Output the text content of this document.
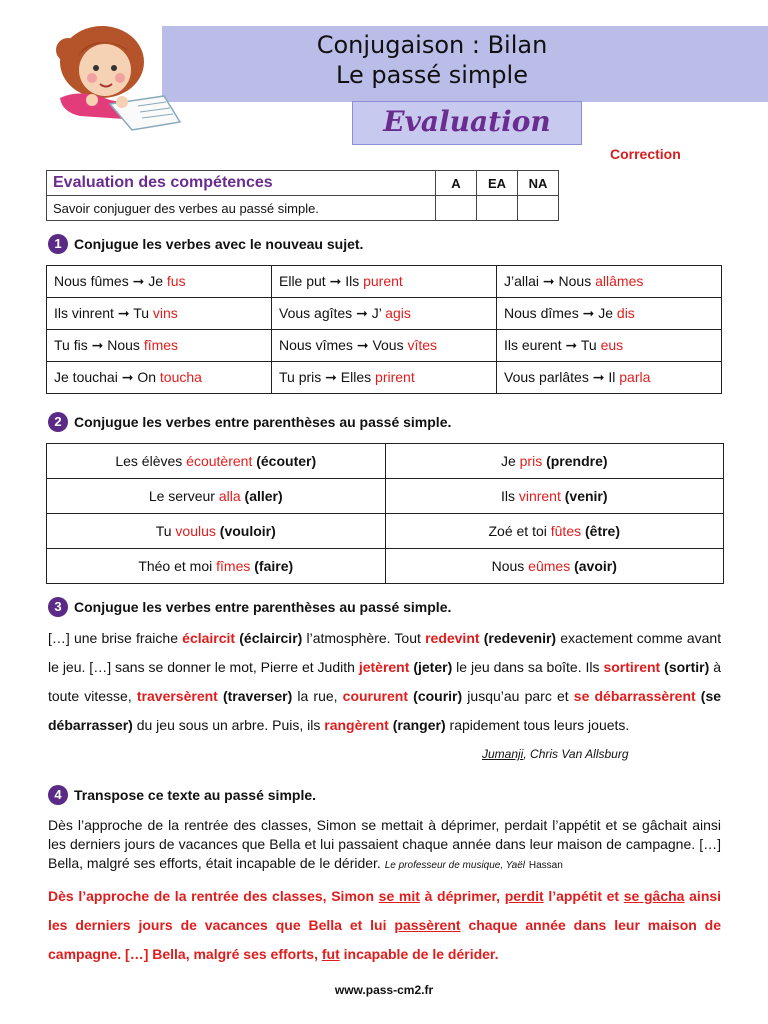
Conjugaison : Bilan
Le passé simple
Evaluation
Correction
Evaluation des compétences	A	EA	NA
Savoir conjuguer des verbes au passé simple.			
1 Conjugue les verbes avec le nouveau sujet.
Nous fûmes ➞ Je fus	Elle put ➞ Ils purent	J’allai ➞ Nous allâmes
Ils vinrent ➞ Tu vins	Vous agîtes ➞ J’ agis	Nous dîmes ➞ Je dis
Tu fis ➞ Nous fîmes	Nous vîmes ➞ Vous vîtes	Ils eurent ➞ Tu eus
Je touchai ➞ On toucha	Tu pris ➞ Elles prirent	Vous parlâtes ➞ Il parla
2 Conjugue les verbes entre parenthèses au passé simple.
Les élèves écoutèrent (écouter)	Je pris (prendre)
Le serveur alla (aller)	Ils vinrent (venir)
Tu voulus (vouloir)	Zoé et toi fûtes (être)
Théo et moi fîmes (faire)	Nous eûmes (avoir)
3 Conjugue les verbes entre parenthèses au passé simple.
[…] une brise fraiche éclaircit (éclaircir) l’atmosphère. Tout redevint (redevenir) exactement comme avant le jeu. […] sans se donner le mot, Pierre et Judith jetèrent (jeter) le jeu dans sa boîte. Ils sortirent (sortir) à toute vitesse, traversèrent (traverser) la rue, coururent (courir) jusqu’au parc et se débarrassèrent (se débarrasser) du jeu sous un arbre. Puis, ils rangèrent (ranger) rapidement tous leurs jouets.
Jumanji, Chris Van Allsburg
4 Transpose ce texte au passé simple.
Dès l’approche de la rentrée des classes, Simon se mettait à déprimer, perdait l’appétit et se gâchait ainsi les derniers jours de vacances que Bella et lui passaient chaque année dans leur maison de campagne. […] Bella, malgré ses efforts, était incapable de le dérider. Le professeur de musique, Yaël Hassan
Dès l’approche de la rentrée des classes, Simon se mit à déprimer, perdit l’appétit et se gâcha ainsi les derniers jours de vacances que Bella et lui passèrent chaque année dans leur maison de campagne. […] Bella, malgré ses efforts, fut incapable de le dérider.
www.pass-cm2.fr
